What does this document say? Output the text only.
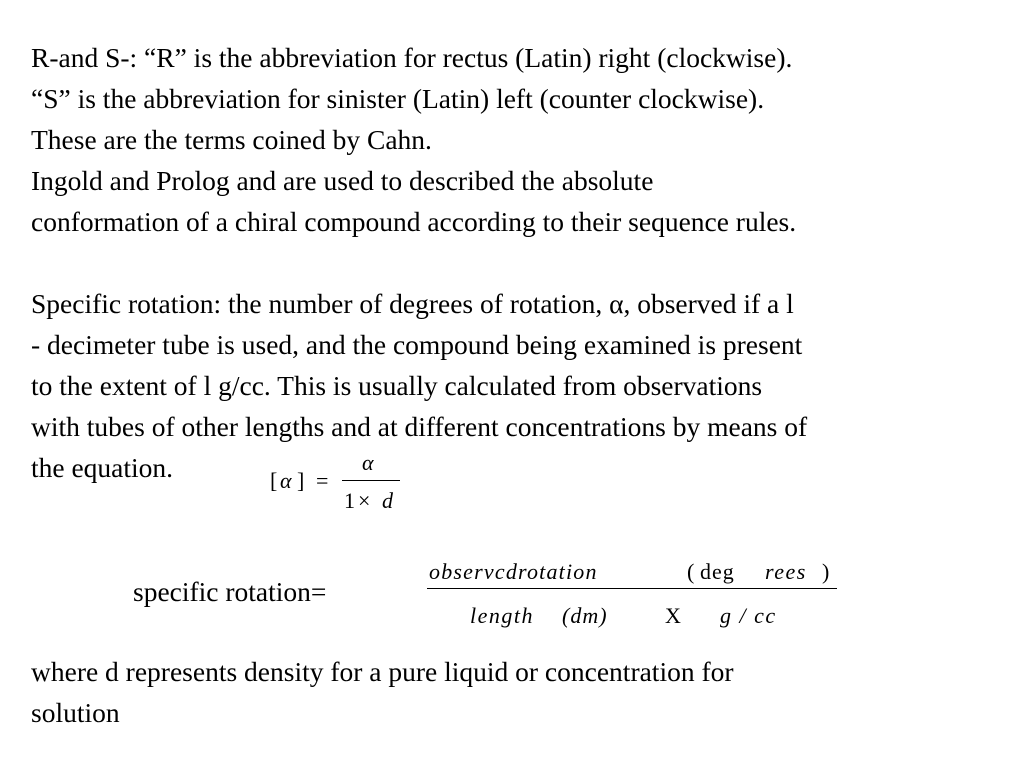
R-and S-: “R” is the abbreviation for rectus (Latin) right (clockwise).
“S” is the abbreviation for sinister (Latin) left (counter clockwise).
These are the terms coined by Cahn.
Ingold and Prolog and are used to described the absolute
conformation of a chiral compound according to their sequence rules.
Specific rotation: the number of degrees of rotation, α, observed if a l
- decimeter tube is used, and the compound being examined is present
to the extent of l g/cc. This is usually calculated from observations
with tubes of other lengths and at different concentrations by means of
the equation.	[ α ] =
α
1 × d
specific rotation=
observcdrotation	( deg rees )
length (dm)	X g / cc
where d represents density for a pure liquid or concentration for
solution
